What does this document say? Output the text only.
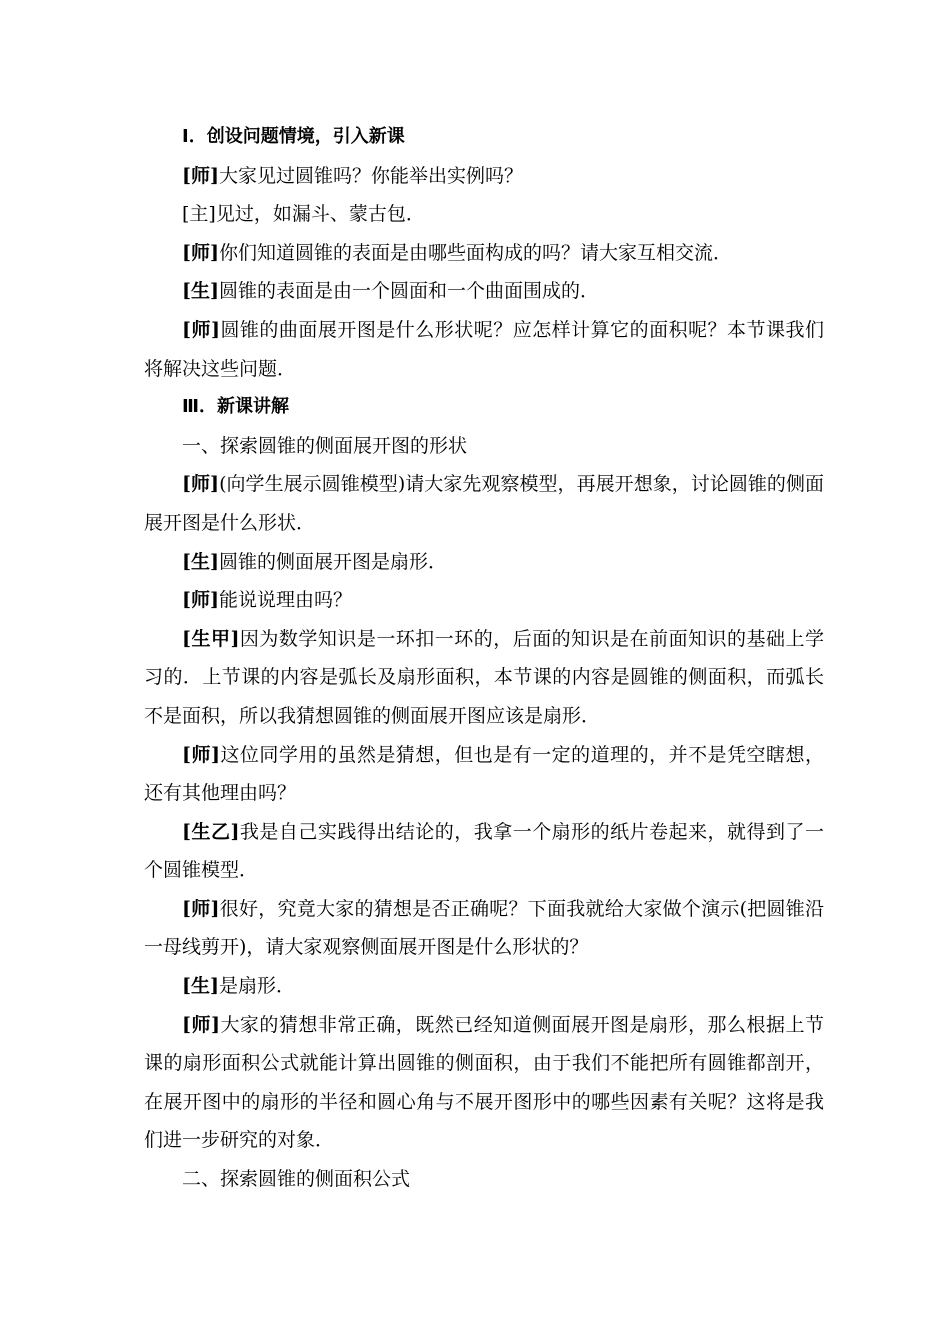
Ⅰ．创设问题情境，引入新课

[师]大家见过圆锥吗？你能举出实例吗？

[主]见过，如漏斗、蒙古包．

[师]你们知道圆锥的表面是由哪些面构成的吗？请大家互相交流．

[生]圆锥的表面是由一个圆面和一个曲面围成的．

[师]圆锥的曲面展开图是什么形状呢？应怎样计算它的面积呢？本节课我们将解决这些问题．

Ⅲ．新课讲解

一、探索圆锥的侧面展开图的形状

[师](向学生展示圆锥模型)请大家先观察模型，再展开想象，讨论圆锥的侧面展开图是什么形状．

[生]圆锥的侧面展开图是扇形．

[师]能说说理由吗？

[生甲]因为数学知识是一环扣一环的，后面的知识是在前面知识的基础上学习的．上节课的内容是弧长及扇形面积，本节课的内容是圆锥的侧面积，而弧长不是面积，所以我猜想圆锥的侧面展开图应该是扇形．

[师]这位同学用的虽然是猜想，但也是有一定的道理的，并不是凭空瞎想，还有其他理由吗？

[生乙]我是自己实践得出结论的，我拿一个扇形的纸片卷起来，就得到了一个圆锥模型．

[师]很好，究竟大家的猜想是否正确呢？下面我就给大家做个演示(把圆锥沿一母线剪开)，请大家观察侧面展开图是什么形状的？

[生]是扇形．

[师]大家的猜想非常正确，既然已经知道侧面展开图是扇形，那么根据上节课的扇形面积公式就能计算出圆锥的侧面积，由于我们不能把所有圆锥都剖开，在展开图中的扇形的半径和圆心角与不展开图形中的哪些因素有关呢？这将是我们进一步研究的对象．

二、探索圆锥的侧面积公式
